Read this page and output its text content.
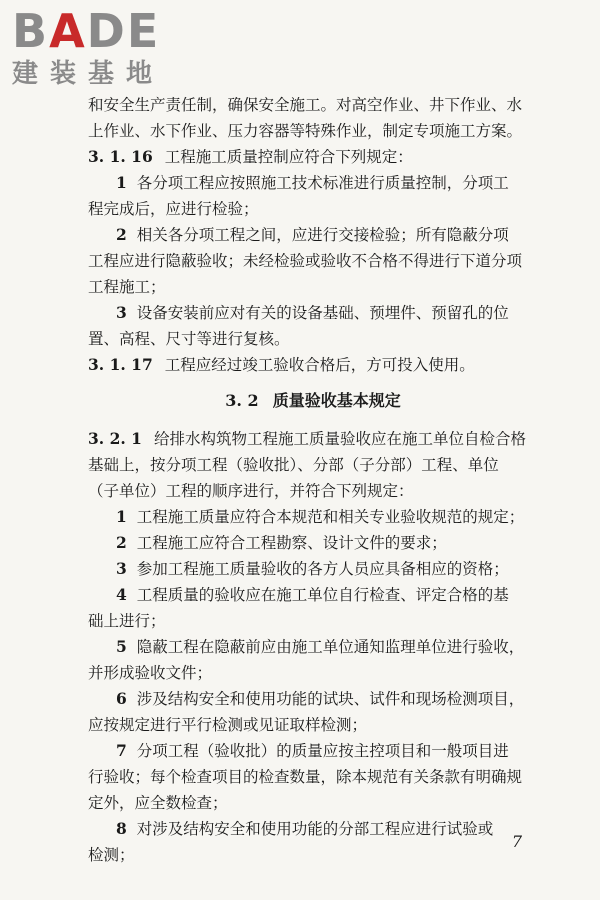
BADE
建装基地
和安全生产责任制，确保安全施工。对高空作业、井下作业、水
上作业、水下作业、压力容器等特殊作业，制定专项施工方案。
3. 1. 16 工程施工质量控制应符合下列规定：
1 各分项工程应按照施工技术标准进行质量控制，分项工
程完成后，应进行检验；
2 相关各分项工程之间，应进行交接检验；所有隐蔽分项
工程应进行隐蔽验收；未经检验或验收不合格不得进行下道分项
工程施工；
3 设备安装前应对有关的设备基础、预埋件、预留孔的位
置、高程、尺寸等进行复核。
3. 1. 17 工程应经过竣工验收合格后，方可投入使用。
3. 2 质量验收基本规定
3. 2. 1 给排水构筑物工程施工质量验收应在施工单位自检合格
基础上，按分项工程（验收批）、分部（子分部）工程、单位
（子单位）工程的顺序进行，并符合下列规定：
1 工程施工质量应符合本规范和相关专业验收规范的规定；
2 工程施工应符合工程勘察、设计文件的要求；
3 参加工程施工质量验收的各方人员应具备相应的资格；
4 工程质量的验收应在施工单位自行检查、评定合格的基
础上进行；
5 隐蔽工程在隐蔽前应由施工单位通知监理单位进行验收，
并形成验收文件；
6 涉及结构安全和使用功能的试块、试件和现场检测项目，
应按规定进行平行检测或见证取样检测；
7 分项工程（验收批）的质量应按主控项目和一般项目进
行验收；每个检查项目的检查数量，除本规范有关条款有明确规
定外，应全数检查；
8 对涉及结构安全和使用功能的分部工程应进行试验或
检测；
7
